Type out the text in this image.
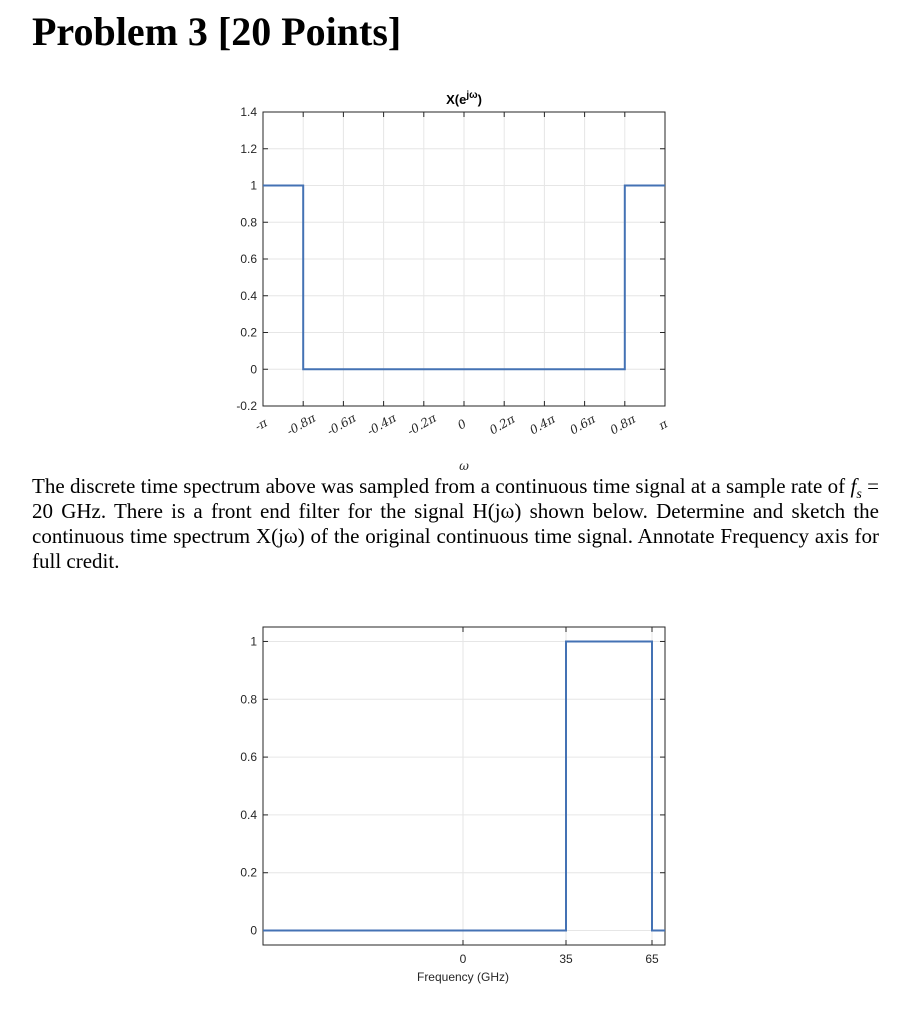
Problem 3 [20 Points]
-0.2
0
0.2
0.4
0.6
0.8
1
1.2
1.4
-π -0.8π -0.6π -0.4π -0.2π 0 0.2π 0.4π 0.6π 0.8π π
$X(e^{j\omega})$
ω
0
0.2
0.4
0.6
0.8
1
0	35	65
Frequency (GHz)
The discrete time spectrum above was sampled from a continuous time signal at a sample rate of $f_s = 20$ GHz. There is a front end filter for the signal H(jω) shown below. Determine and sketch the continuous time spectrum X(jω) of the original continuous time signal. Annotate Frequency axis for full credit.
